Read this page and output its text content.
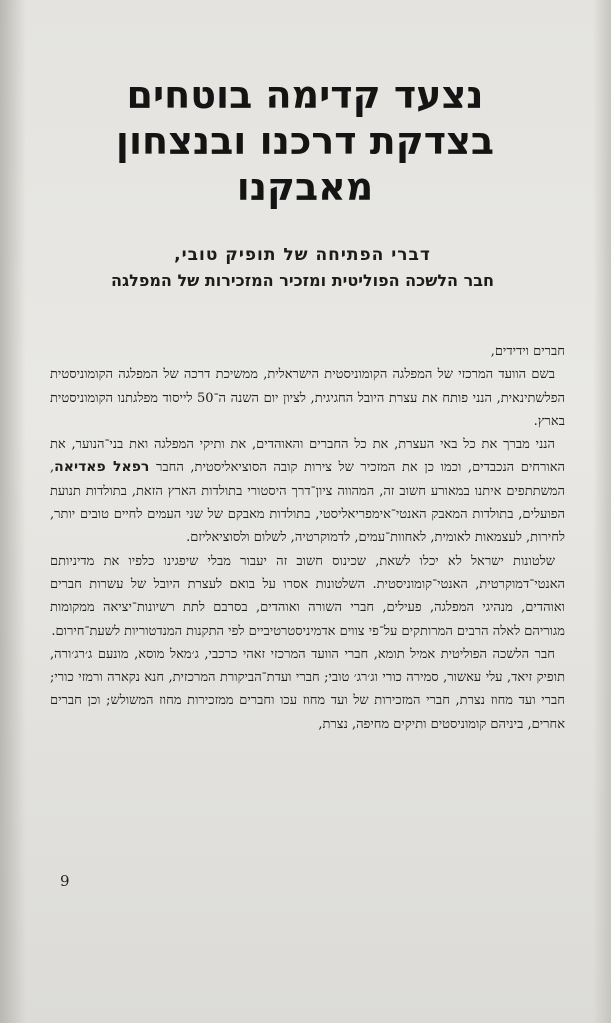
נצעד קדימה בוטחים
בצדקת דרכנו ובנצחון
מאבקנו
דברי הפתיחה של תופיק טובי,
חבר הלשכה הפוליטית ומזכיר המזכירות של המפלגה

חברים וידידים,

בשם הוועד המרכזי של המפלגה הקומוניסטית הישראלית, ממשיכת דרכה של המפלגה הקומוניסטית הפלשתינאית, הנני פותח את עצרת היובל החגיגית, לציון יום השנה ה־50 לייסוד מפלגתנו הקומוניסטית בארץ.

הנני מברך את כל באי העצרת, את כל החברים והאוהדים, את ותיקי המפלגה ואת בני־הנוער, את האורחים הנכבדים, וכמו כן את המזכיר של צירות קובה הסוציאליסטית, החבר רפאל פאדיאה, המשתתפים איתנו במאורע חשוב זה, המהווה ציון־דרך היסטורי בתולדות הארץ הזאת, בתולדות תנועת הפועלים, בתולדות המאבק האנטי־אימפריאליסטי, בתולדות מאבקם של שני העמים לחיים טובים יותר, לחירות, לעצמאות לאומית, לאחוות־עמים, לדמוקרטיה, לשלום ולסוציאליזם.

שלטונות ישראל לא יכלו לשאת, שכינוס חשוב זה יעבור מבלי שיפגינו כלפיו את מדיניותם האנטי־דמוקרטית, האנטי־קומוניסטית. השלטונות אסרו על בואם לעצרת היובל של עשרות חברים ואוהדים, מנהיגי המפלגה, פעילים, חברי השורה ואוהדים, בסרבם לתת רשיונות־יציאה ממקומות מגוריהם לאלה הרבים המרותקים על־פי צווים אדמיניסטרטיביים לפי התקנות המנדטוריות לשעת־חירום.

חבר הלשכה הפוליטית אמיל תומא, חברי הוועד המרכזי זאהי כרכבי, ג׳מאל מוסא, מונעם ג׳רג׳ורה, תופיק זיאד, עלי עאשור, סמירה כורי וג׳רג׳ טובי; חברי ועדת־הביקורת המרכזית, חנא נקארה ורמזי כורי; חברי ועד מחוז נצרת, חברי המזכירות של ועד מחוז עכו וחברים ממזכירות מחוז המשולש; וכן חברים אחרים, ביניהם קומוניסטים ותיקים מחיפה, נצרת,

9
